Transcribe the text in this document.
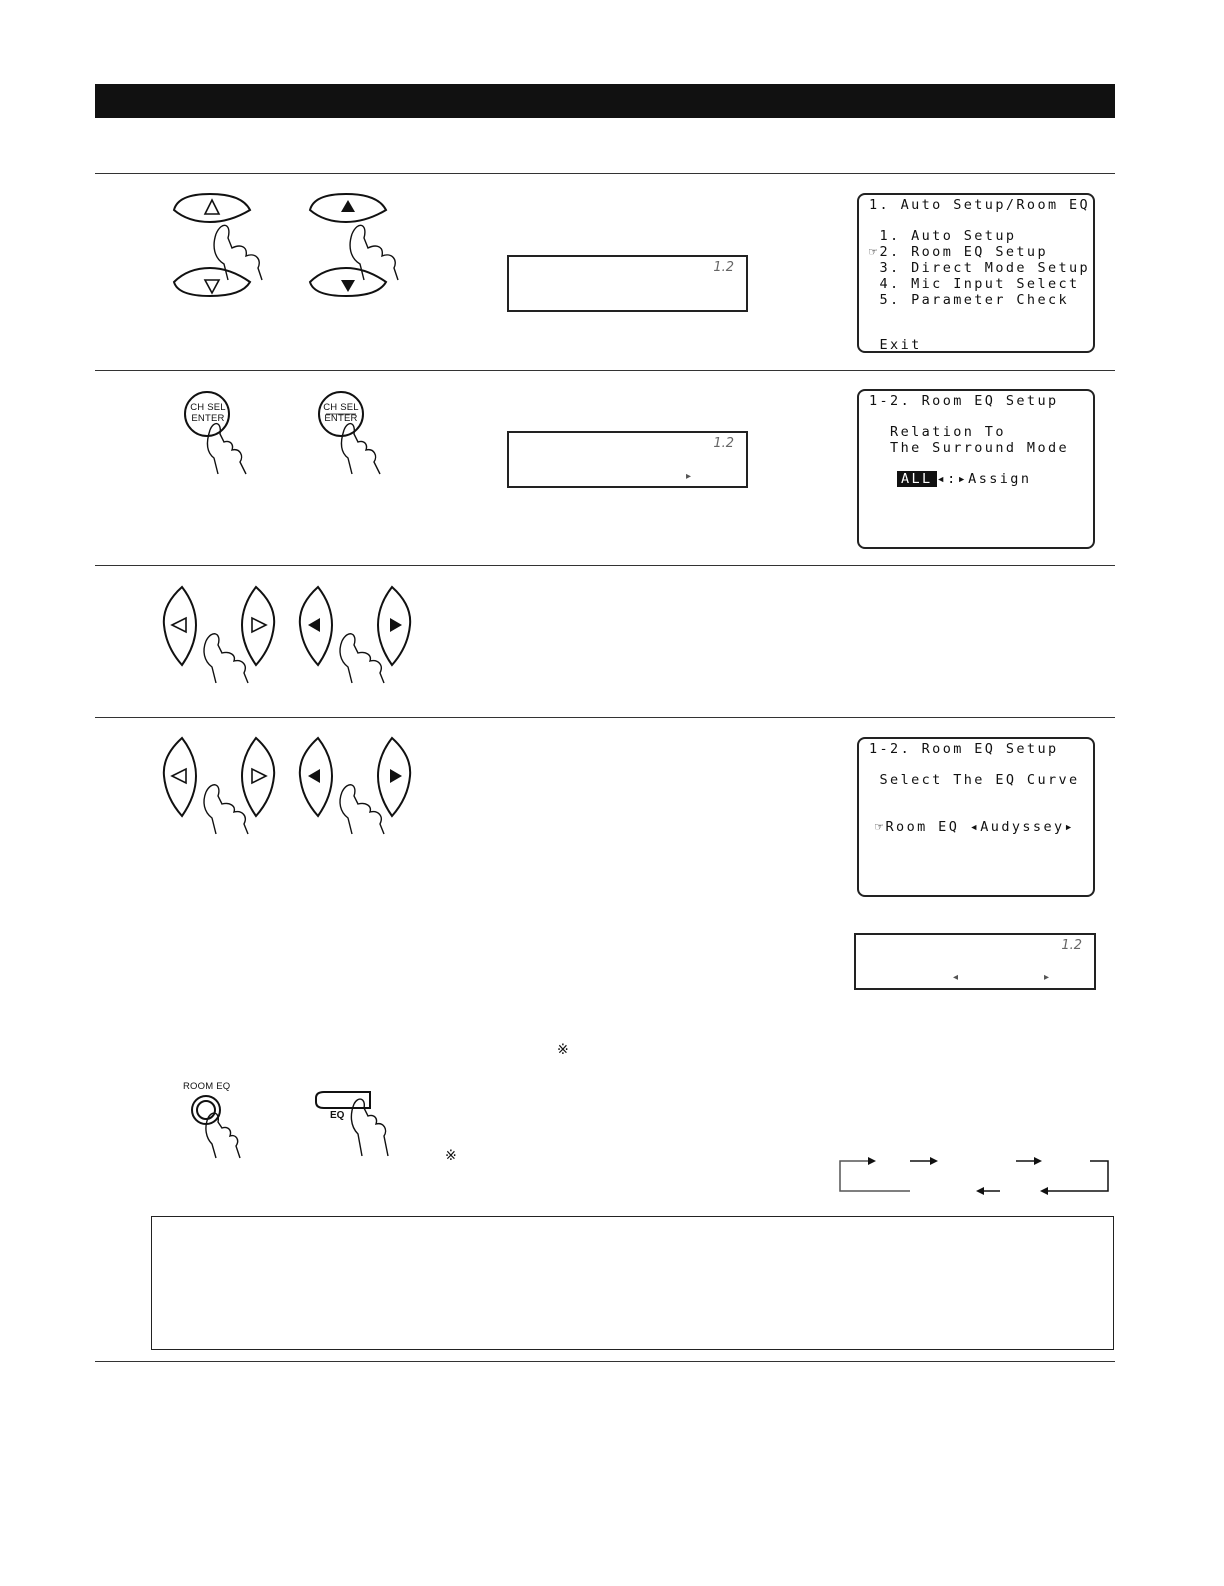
1.2
1. Auto Setup/Room EQ
1. Auto Setup
☞2. Room EQ Setup
3. Direct Mode Setup
4. Mic Input Select
5. Parameter Check
Exit
CH SEL
ENTER
CH SEL
ENTER
1.2
▸
1-2. Room EQ Setup
Relation To
The Surround Mode
ALL ◂:▸Assign
1-2. Room EQ Setup
Select The EQ Curve
☞Room EQ ◂Audyssey▸
1.2
◂	▸
※
ROOM EQ
EQ
※
